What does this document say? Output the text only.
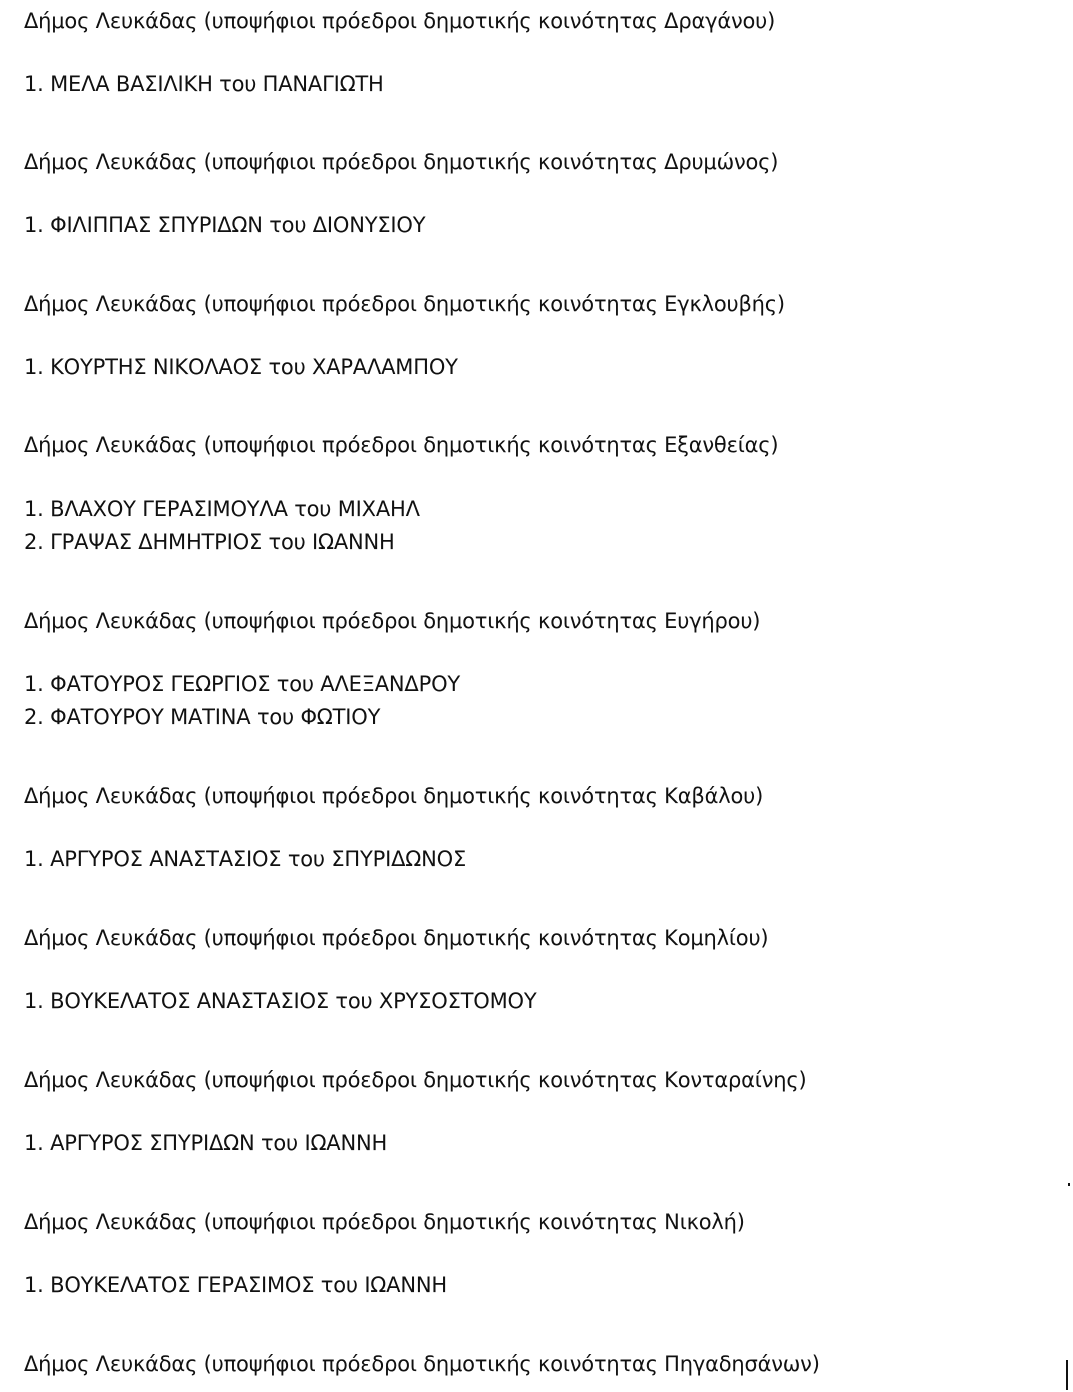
Δήμος Λευκάδας (υποψήφιοι πρόεδροι δημοτικής κοινότητας Δραγάνου)
1. ΜΕΛΑ ΒΑΣΙΛΙΚΗ του ΠΑΝΑΓΙΩΤΗ
Δήμος Λευκάδας (υποψήφιοι πρόεδροι δημοτικής κοινότητας Δρυμώνος)
1. ΦΙΛΙΠΠΑΣ ΣΠΥΡΙΔΩΝ του ΔΙΟΝΥΣΙΟΥ
Δήμος Λευκάδας (υποψήφιοι πρόεδροι δημοτικής κοινότητας Εγκλουβής)
1. ΚΟΥΡΤΗΣ ΝΙΚΟΛΑΟΣ του ΧΑΡΑΛΑΜΠΟΥ
Δήμος Λευκάδας (υποψήφιοι πρόεδροι δημοτικής κοινότητας Εξανθείας)
1. ΒΛΑΧΟΥ ΓΕΡΑΣΙΜΟΥΛΑ του ΜΙΧΑΗΛ
2. ΓΡΑΨΑΣ ΔΗΜΗΤΡΙΟΣ του ΙΩΑΝΝΗ
Δήμος Λευκάδας (υποψήφιοι πρόεδροι δημοτικής κοινότητας Ευγήρου)
1. ΦΑΤΟΥΡΟΣ ΓΕΩΡΓΙΟΣ του ΑΛΕΞΑΝΔΡΟΥ
2. ΦΑΤΟΥΡΟΥ ΜΑΤΙΝΑ του ΦΩΤΙΟΥ
Δήμος Λευκάδας (υποψήφιοι πρόεδροι δημοτικής κοινότητας Καβάλου)
1. ΑΡΓΥΡΟΣ ΑΝΑΣΤΑΣΙΟΣ του ΣΠΥΡΙΔΩΝΟΣ
Δήμος Λευκάδας (υποψήφιοι πρόεδροι δημοτικής κοινότητας Κομηλίου)
1. ΒΟΥΚΕΛΑΤΟΣ ΑΝΑΣΤΑΣΙΟΣ του ΧΡΥΣΟΣΤΟΜΟΥ
Δήμος Λευκάδας (υποψήφιοι πρόεδροι δημοτικής κοινότητας Κονταραίνης)
1. ΑΡΓΥΡΟΣ ΣΠΥΡΙΔΩΝ του ΙΩΑΝΝΗ
Δήμος Λευκάδας (υποψήφιοι πρόεδροι δημοτικής κοινότητας Νικολή)
1. ΒΟΥΚΕΛΑΤΟΣ ΓΕΡΑΣΙΜΟΣ του ΙΩΑΝΝΗ
Δήμος Λευκάδας (υποψήφιοι πρόεδροι δημοτικής κοινότητας Πηγαδησάνων)
